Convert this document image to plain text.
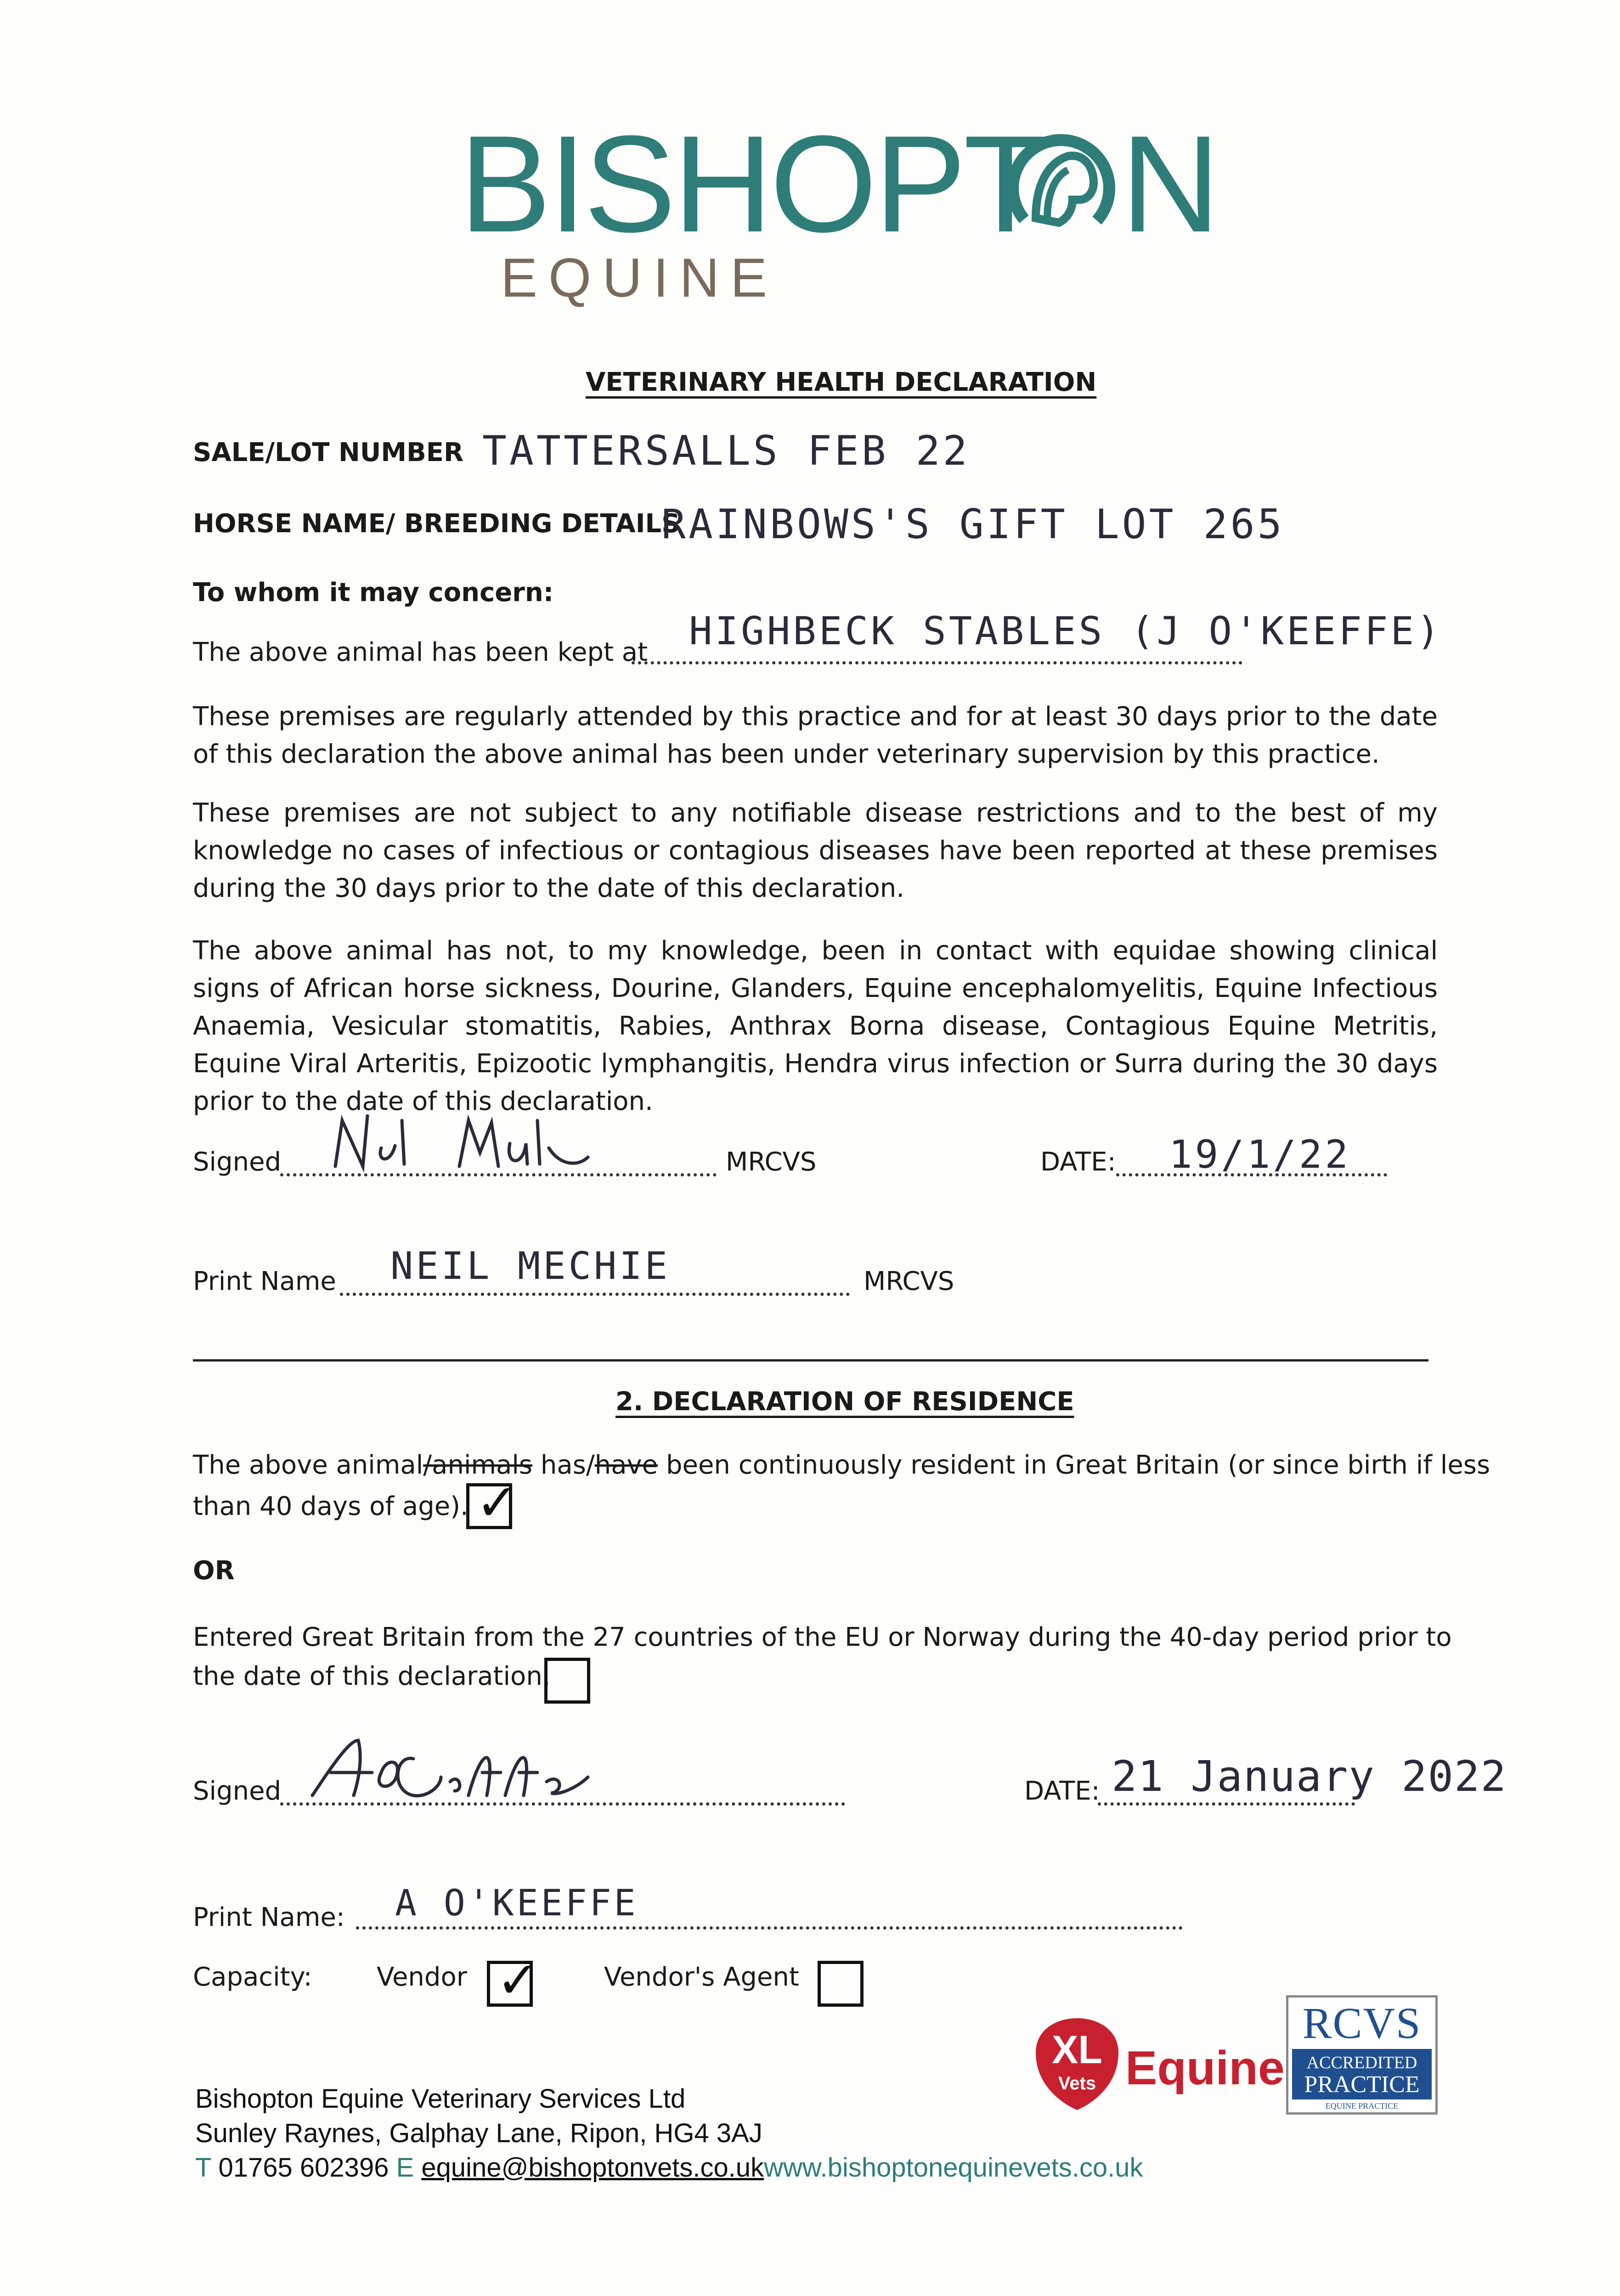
BISHOPT N
EQUINE
VETERINARY HEALTH DECLARATION
SALE/LOT NUMBER TATTERSALLS FEB 22
HORSE NAME/ BREEDING DETAILS
RAINBOWS'S GIFT LOT 265
To whom it may concern:
The above animal has been kept at HIGHBECK STABLES (J O'KEEFFE)
These premises are regularly attended by this practice and for at least 30 days prior to the date of this declaration the above animal has been under veterinary supervision by this practice.
These premises are not subject to any notifiable disease restrictions and to the best of my knowledge no cases of infectious or contagious diseases have been reported at these premises during the 30 days prior to the date of this declaration.
The above animal has not, to my knowledge, been in contact with equidae showing clinical signs of African horse sickness, Dourine, Glanders, Equine encephalomyelitis, Equine Infectious Anaemia, Vesicular stomatitis, Rabies, Anthrax Borna disease, Contagious Equine Metritis, Equine Viral Arteritis, Epizootic lymphangitis, Hendra virus infection or Surra during the 30 days prior to the date of this declaration.
Signed	MRCVS	DATE: 19/1/22
Print Name NEIL MECHIE	MRCVS
2. DECLARATION OF RESIDENCE
The above animal/animals has/have been continuously resident in Great Britain (or since birth if less
than 40 days of age). ✓
OR
Entered Great Britain from the 27 countries of the EU or Norway during the 40-day period prior to
the date of this declaration.
Signed	DATE: 21 January 2022
Print Name: A O'KEEFFE
Capacity:	Vendor ✓	Vendor's Agent
XL
Vets Equine
RCVS
ACCREDITED
PRACTICE
EQUINE PRACTICE
Bishopton Equine Veterinary Services Ltd
Sunley Raynes, Galphay Lane, Ripon, HG4 3AJ
T 01765 602396 E equine@bishoptonvets.co.ukwww.bishoptonequinevets.co.uk
